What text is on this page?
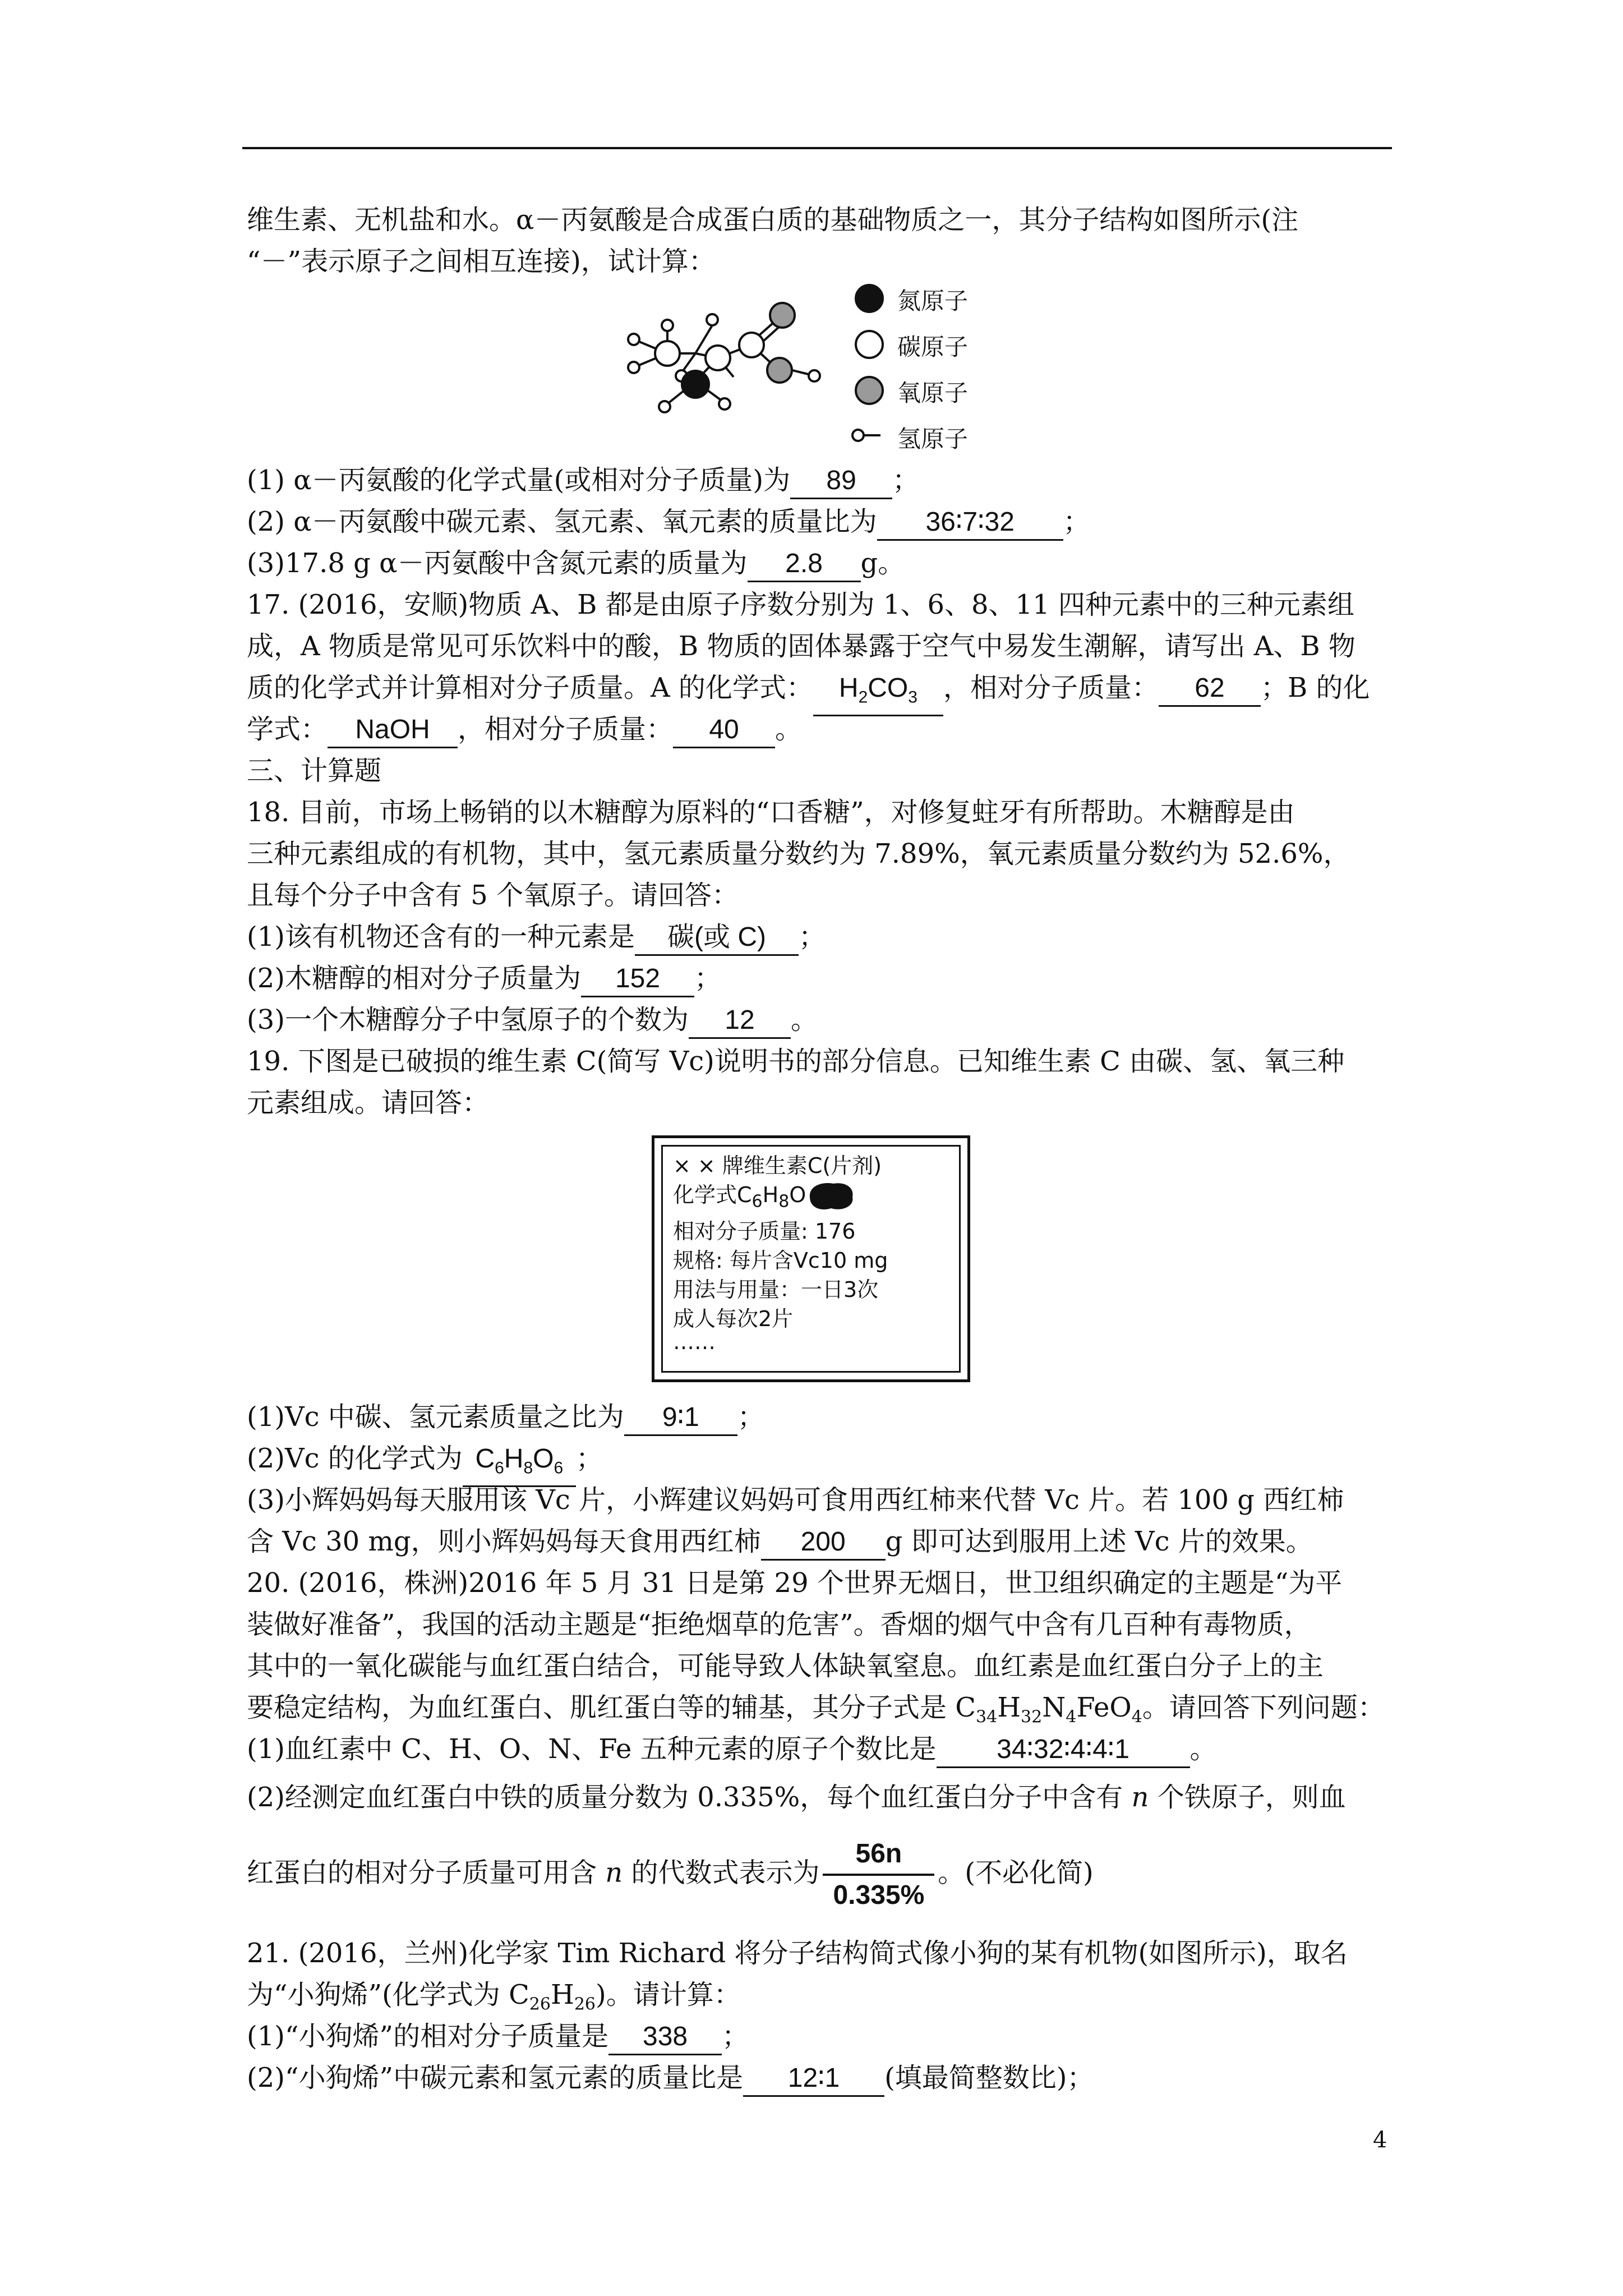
维生素、无机盐和水。α－丙氨酸是合成蛋白质的基础物质之一，其分子结构如图所示(注
“－”表示原子之间相互连接)，试计算：
氮原子
碳原子
氧原子
氢原子
(1) α－丙氨酸的化学式量(或相对分子质量)为 89 ；
(2) α－丙氨酸中碳元素、氢元素、氧元素的质量比为 36∶7∶32 ；
(3)17.8 g α－丙氨酸中含氮元素的质量为 2.8 g。
17. (2016，安顺)物质 A、B 都是由原子序数分别为 1、6、8、11 四种元素中的三种元素组
成，A 物质是常见可乐饮料中的酸，B 物质的固体暴露于空气中易发生潮解，请写出 A、B 物
质的化学式并计算相对分子质量。A 的化学式： $H_2CO_3$ ，相对分子质量： 62 ；B 的化
学式： NaOH ，相对分子质量： 40 。
三、计算题
18. 目前，市场上畅销的以木糖醇为原料的“口香糖”，对修复蛀牙有所帮助。木糖醇是由
三种元素组成的有机物，其中，氢元素质量分数约为 7.89%，氧元素质量分数约为 52.6%，
且每个分子中含有 5 个氧原子。请回答：
(1)该有机物还含有的一种元素是 碳(或 C) ；
(2)木糖醇的相对分子质量为 152 ；
(3)一个木糖醇分子中氢原子的个数为 12 。
19. 下图是已破损的维生素 C(简写 Vc)说明书的部分信息。已知维生素 C 由碳、氢、氧三种
元素组成。请回答：
× × 牌维生素C(片剂)
化学式$C_6H_8O$
相对分子质量: 176
规格: 每片含Vc10 mg
用法与用量：一日3次
成人每次2片
……
(1)Vc 中碳、氢元素质量之比为 9∶1 ；
(2)Vc 的化学式为 $C_6H_8O_6$ ；
(3)小辉妈妈每天服用该 Vc 片，小辉建议妈妈可食用西红柿来代替 Vc 片。若 100 g 西红柿
含 Vc 30 mg，则小辉妈妈每天食用西红柿 200 g 即可达到服用上述 Vc 片的效果。
20. (2016，株洲)2016 年 5 月 31 日是第 29 个世界无烟日，世卫组织确定的主题是“为平
装做好准备”，我国的活动主题是“拒绝烟草的危害”。香烟的烟气中含有几百种有毒物质，
其中的一氧化碳能与血红蛋白结合，可能导致人体缺氧窒息。血红素是血红蛋白分子上的主
要稳定结构，为血红蛋白、肌红蛋白等的辅基，其分子式是 $C_{34}H_{32}N_4FeO_4$。请回答下列问题：
(1)血红素中 C、H、O、N、Fe 五种元素的原子个数比是 34∶32∶4∶4∶1 。
(2)经测定血红蛋白中铁的质量分数为 0.335%，每个血红蛋白分子中含有 n 个铁原子，则血
红蛋白的相对分子质量可用含 n 的代数式表示为 $\frac{56n}{0.335\%}$ 。(不必化简)
21. (2016，兰州)化学家 Tim Richard 将分子结构简式像小狗的某有机物(如图所示)，取名
为“小狗烯”(化学式为 $C_{26}H_{26}$)。请计算：
(1)“小狗烯”的相对分子质量是 338 ；
(2)“小狗烯”中碳元素和氢元素的质量比是 12∶1 (填最简整数比)；
4
